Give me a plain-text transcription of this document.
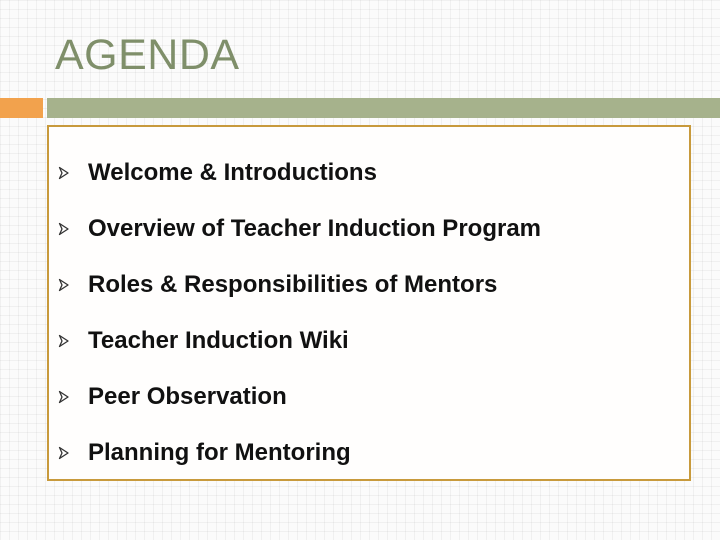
AGENDA
Welcome & Introductions
Overview of Teacher Induction Program
Roles & Responsibilities of Mentors
Teacher Induction Wiki
Peer Observation
Planning for Mentoring
